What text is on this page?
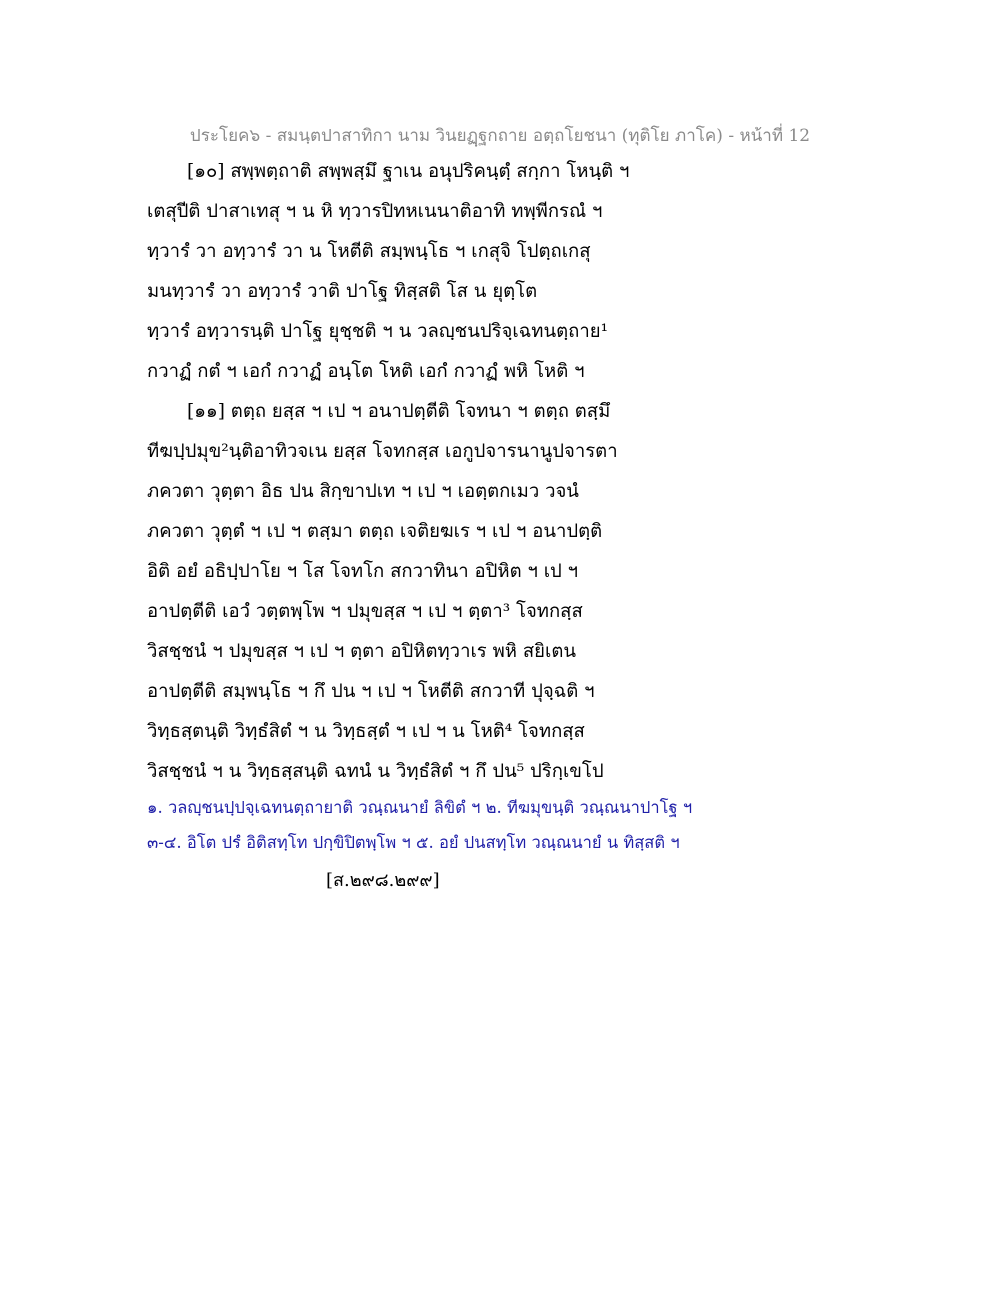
ประโยค๖ - สมนฺตปาสาทิกา นาม วินยฏฺฐกถาย อตฺถโยชนา (ทุติโย ภาโค) - หน้าที่ 12
[๑๐] สพฺพตฺถาติ สพฺพสฺมึ ฐาเน อนุปริคนฺตฺํ สกฺกา โหนฺติ ฯ
เตสุปีติ ปาสาเทสุ ฯ น หิ ทฺวารปิทหเนนาติอาทิ ทพฺพีกรณํ ฯ
ทฺวารํ วา อทฺวารํ วา น โหตีติ สมฺพนฺโธ ฯ เกสุจิ โปตฺถเกสุ
มนทฺวารํ วา อทฺวารํ วาติ ปาโฐ ทิสฺสติ โส น ยุตฺโต
ทฺวารํ อทฺวารนฺติ ปาโฐ ยุชฺชติ ฯ น วลญฺชนปริจฺเฉทนตฺถาย¹
กวาฏํ กตํ ฯ เอกํ กวาฏํ อนฺโต โหติ เอกํ กวาฏํ พหิ โหติ ฯ
[๑๑] ตตฺถ ยสฺส ฯ เป ฯ อนาปตฺตีติ โจทนา ฯ ตตฺถ ตสฺมึ
ทีฆปฺปมุข²นฺติอาทิวจเน ยสฺส โจทกสฺส เอกูปจารนานูปจารตา
ภควตา วุตฺตา อิธ ปน สิกฺขาปเท ฯ เป ฯ เอตฺตกเมว วจนํ
ภควตา วุตฺตํ ฯ เป ฯ ตสฺมา ตตฺถ เจติยฆเร ฯ เป ฯ อนาปตฺติ
อิติ อยํ อธิปฺปาโย ฯ โส โจทโก สกวาทินา อปิหิต ฯ เป ฯ
อาปตฺตีติ เอวํ วตฺตพฺโพ ฯ ปมุขสฺส ฯ เป ฯ ตฺตา³ โจทกสฺส
วิสชฺชนํ ฯ ปมุขสฺส ฯ เป ฯ ตฺตา อปิหิตทฺวาเร พหิ สยิเตน
อาปตฺตีติ สมฺพนฺโธ ฯ กึ ปน ฯ เป ฯ โหตีติ สกวาที ปุจฺฉติ ฯ
วิทฺธสฺตนฺติ วิทฺธํสิตํ ฯ น วิทฺธสฺตํ ฯ เป ฯ น โหติ⁴ โจทกสฺส
วิสชฺชนํ ฯ น วิทฺธสฺสนฺติ ฉทนํ น วิทฺธํสิตํ ฯ กึ ปน⁵ ปริกฺเขโป
๑. วลญฺชนปฺปจฺเฉทนตฺถายาติ วณฺณนายํ ลิขิตํ ฯ ๒. ทีฆมุขนฺติ วณฺณนาปาโฐ ฯ
๓-๔. อิโต ปรํ อิติสทฺโท ปกฺขิปิตพฺโพ ฯ ๕. อยํ ปนสทฺโท วณฺณนายํ น ทิสฺสติ ฯ
[ส.๒๙๘.๒๙๙]
